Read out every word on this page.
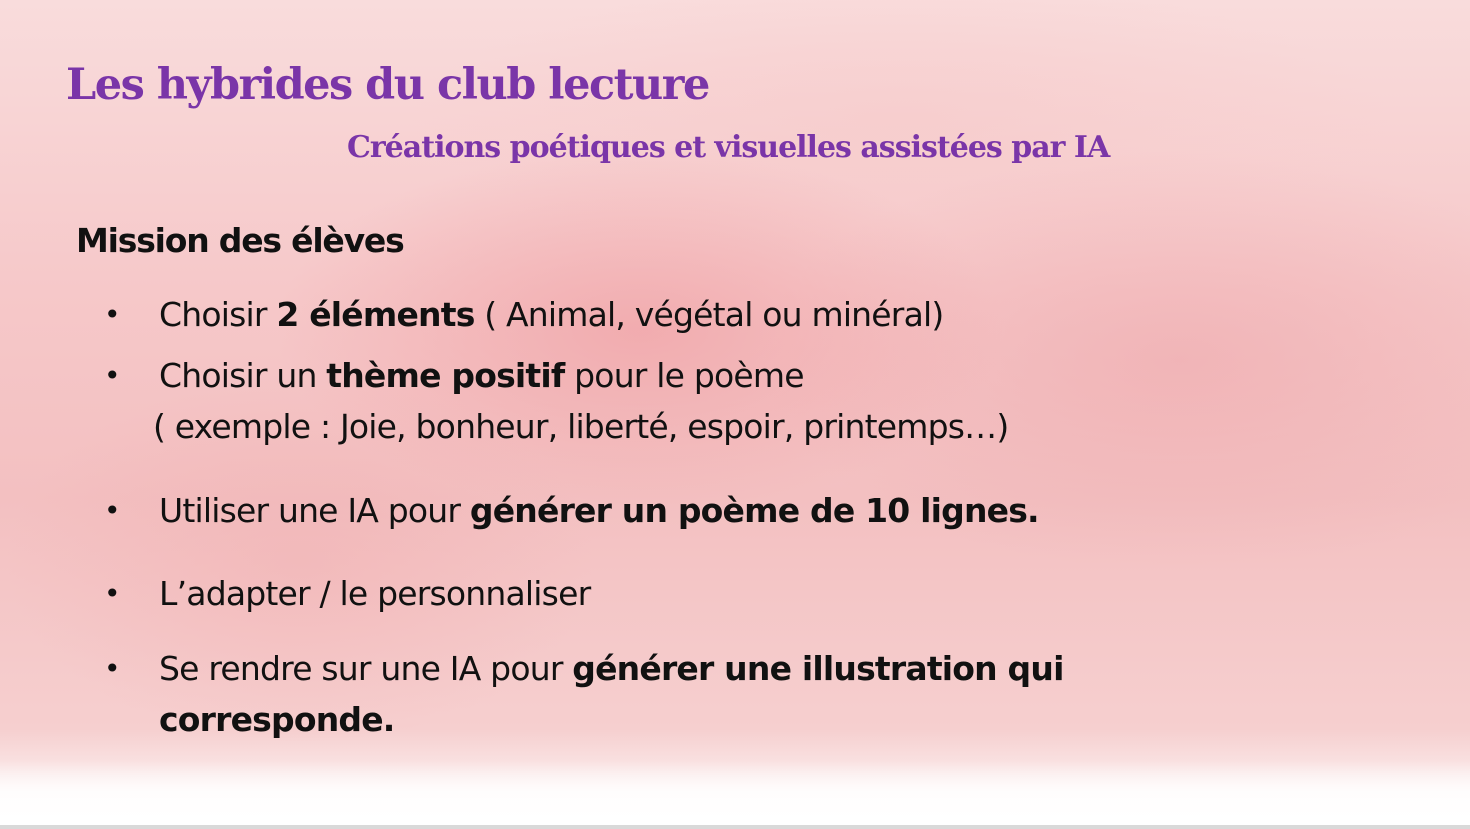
Les hybrides du club lecture
Créations poétiques et visuelles assistées par IA
Mission des élèves
• Choisir 2 éléments ( Animal, végétal ou minéral)
• Choisir un thème positif pour le poème
( exemple : Joie, bonheur, liberté, espoir, printemps…)
• Utiliser une IA pour générer un poème de 10 lignes.
• L’adapter / le personnaliser
• Se rendre sur une IA pour générer une illustration qui
corresponde.
